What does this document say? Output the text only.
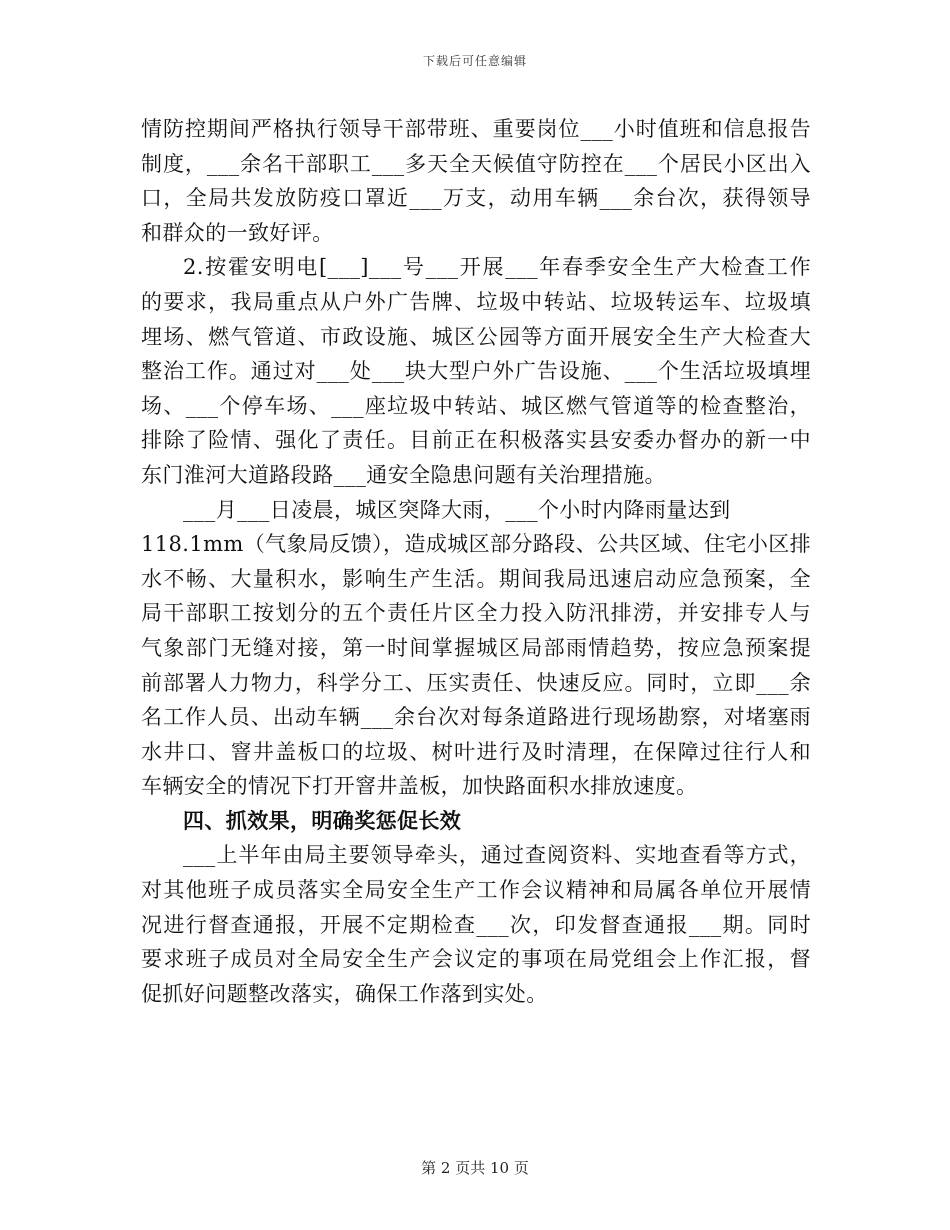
下载后可任意编辑
情防控期间严格执行领导干部带班、重要岗位___小时值班和信息报告
制度，___余名干部职工___多天全天候值守防控在___个居民小区出入
口，全局共发放防疫口罩近___万支，动用车辆___余台次，获得领导
和群众的一致好评。
2.按霍安明电[___]___号___开展___年春季安全生产大检查工作
的要求，我局重点从户外广告牌、垃圾中转站、垃圾转运车、垃圾填
埋场、燃气管道、市政设施、城区公园等方面开展安全生产大检查大
整治工作。通过对___处___块大型户外广告设施、___个生活垃圾填埋
场、___个停车场、___座垃圾中转站、城区燃气管道等的检查整治，
排除了险情、强化了责任。目前正在积极落实县安委办督办的新一中
东门淮河大道路段路___通安全隐患问题有关治理措施。
___月___日凌晨，城区突降大雨，___个小时内降雨量达到
118.1mm（气象局反馈），造成城区部分路段、公共区域、住宅小区排
水不畅、大量积水，影响生产生活。期间我局迅速启动应急预案，全
局干部职工按划分的五个责任片区全力投入防汛排涝，并安排专人与
气象部门无缝对接，第一时间掌握城区局部雨情趋势，按应急预案提
前部署人力物力，科学分工、压实责任、快速反应。同时，立即___余
名工作人员、出动车辆___余台次对每条道路进行现场勘察，对堵塞雨
水井口、窨井盖板口的垃圾、树叶进行及时清理，在保障过往行人和
车辆安全的情况下打开窨井盖板，加快路面积水排放速度。
四、抓效果，明确奖惩促长效
___上半年由局主要领导牵头，通过查阅资料、实地查看等方式，
对其他班子成员落实全局安全生产工作会议精神和局属各单位开展情
况进行督查通报，开展不定期检查___次，印发督查通报___期。同时
要求班子成员对全局安全生产会议定的事项在局党组会上作汇报，督
促抓好问题整改落实，确保工作落到实处。
第 2 页共 10 页
